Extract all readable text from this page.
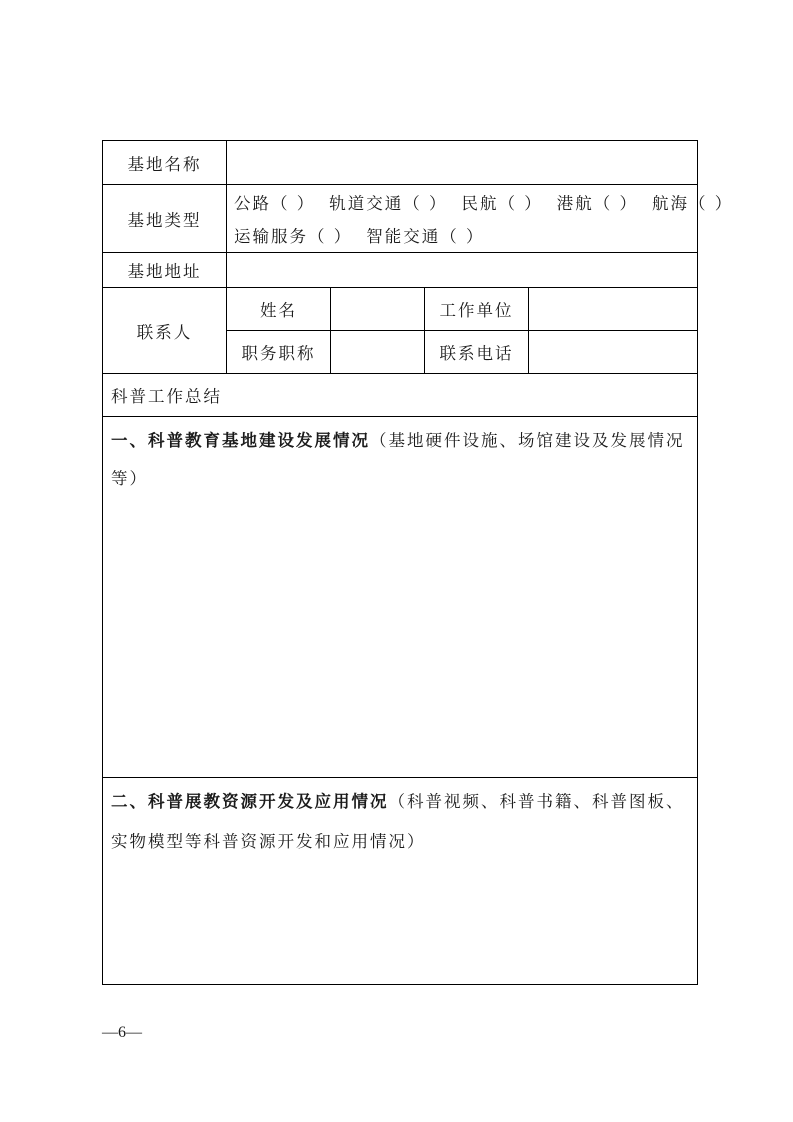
基地名称
基地类型
公路（ ） 轨道交通（ ） 民航（ ） 港航（ ） 航海（ ）
运输服务（ ） 智能交通（ ）
基地地址
联系人
姓名	工作单位
职务职称	联系电话
科普工作总结
一、科普教育基地建设发展情况（基地硬件设施、场馆建设及发展情况等）
二、科普展教资源开发及应用情况（科普视频、科普书籍、科普图板、实物模型等科普资源开发和应用情况）
—6—
